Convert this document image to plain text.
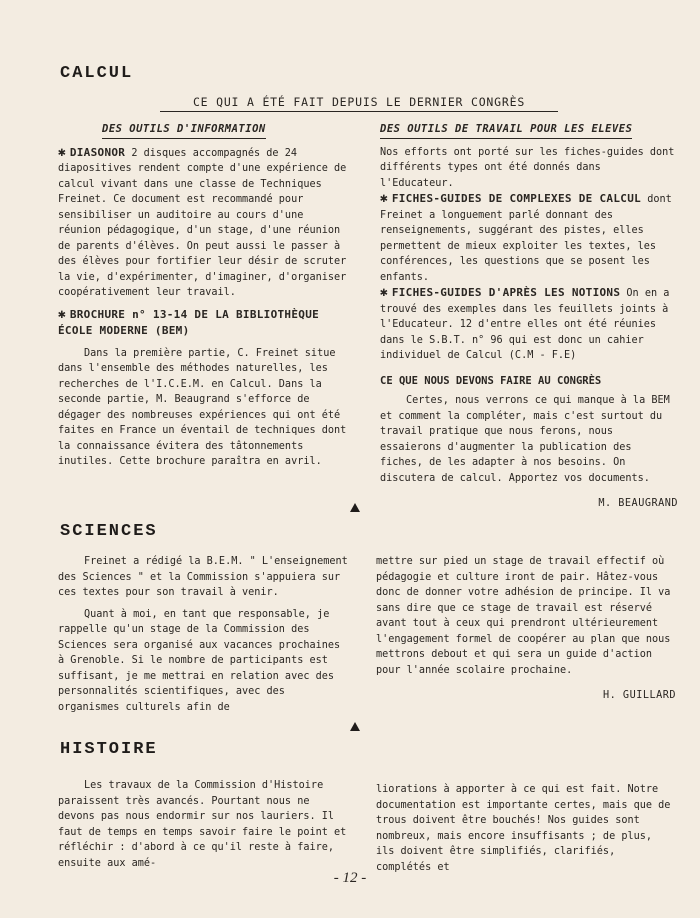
CALCUL
CE QUI A ÉTÉ FAIT DEPUIS LE DERNIER CONGRÈS
DES OUTILS D'INFORMATION

✱ DIASONOR 2 disques accompagnés de 24 diapositives rendent compte d'une expérience de calcul vivant dans une classe de Techniques Freinet. Ce document est recommandé pour sensibiliser un auditoire au cours d'une réunion pédagogique, d'un stage, d'une réunion de parents d'élèves. On peut aussi le passer à des élèves pour fortifier leur désir de scruter la vie, d'expérimenter, d'imaginer, d'organiser coopérativement leur travail.

✱ BROCHURE n° 13-14 DE LA BIBLIOTHÈQUE ÉCOLE MODERNE (BEM)

Dans la première partie, C. Freinet situe dans l'ensemble des méthodes naturelles, les recherches de l'I.C.E.M. en Calcul. Dans la seconde partie, M. Beaugrand s'efforce de dégager des nombreuses expériences qui ont été faites en France un éventail de techniques dont la connaissance évitera des tâtonnements inutiles. Cette brochure paraîtra en avril.

DES OUTILS DE TRAVAIL POUR LES ELEVES

Nos efforts ont porté sur les fiches-guides dont différents types ont été donnés dans l'Educateur.

✱ FICHES-GUIDES DE COMPLEXES DE CALCUL dont Freinet a longuement parlé donnant des renseignements, suggérant des pistes, elles permettent de mieux exploiter les textes, les conférences, les questions que se posent les enfants.

✱ FICHES-GUIDES D'APRÈS LES NOTIONS On en a trouvé des exemples dans les feuillets joints à l'Educateur. 12 d'entre elles ont été réunies dans le S.B.T. n° 96 qui est donc un cahier individuel de Calcul (C.M - F.E)

CE QUE NOUS DEVONS FAIRE AU CONGRÈS

Certes, nous verrons ce qui manque à la BEM et comment la compléter, mais c'est surtout du travail pratique que nous ferons, nous essaierons d'augmenter la publication des fiches, de les adapter à nos besoins. On discutera de calcul. Apportez vos documents.

M. BEAUGRAND
SCIENCES

Freinet a rédigé la B.E.M. " L'enseignement des Sciences " et la Commission s'appuiera sur ces textes pour son travail à venir.

Quant à moi, en tant que responsable, je rappelle qu'un stage de la Commission des Sciences sera organisé aux vacances prochaines à Grenoble. Si le nombre de participants est suffisant, je me mettrai en relation avec des personnalités scientifiques, avec des organismes culturels afin de

mettre sur pied un stage de travail effectif où pédagogie et culture iront de pair. Hâtez-vous donc de donner votre adhésion de principe. Il va sans dire que ce stage de travail est réservé avant tout à ceux qui prendront ultérieurement l'engagement formel de coopérer au plan que nous mettrons debout et qui sera un guide d'action pour l'année scolaire prochaine.

H. GUILLARD
HISTOIRE

Les travaux de la Commission d'Histoire paraissent très avancés. Pourtant nous ne devons pas nous endormir sur nos lauriers. Il faut de temps en temps savoir faire le point et réfléchir : d'abord à ce qu'il reste à faire, ensuite aux amé-

liorations à apporter à ce qui est fait. Notre documentation est importante certes, mais que de trous doivent être bouchés! Nos guides sont nombreux, mais encore insuffisants ; de plus, ils doivent être simplifiés, clarifiés, complétés et

- 12 -
